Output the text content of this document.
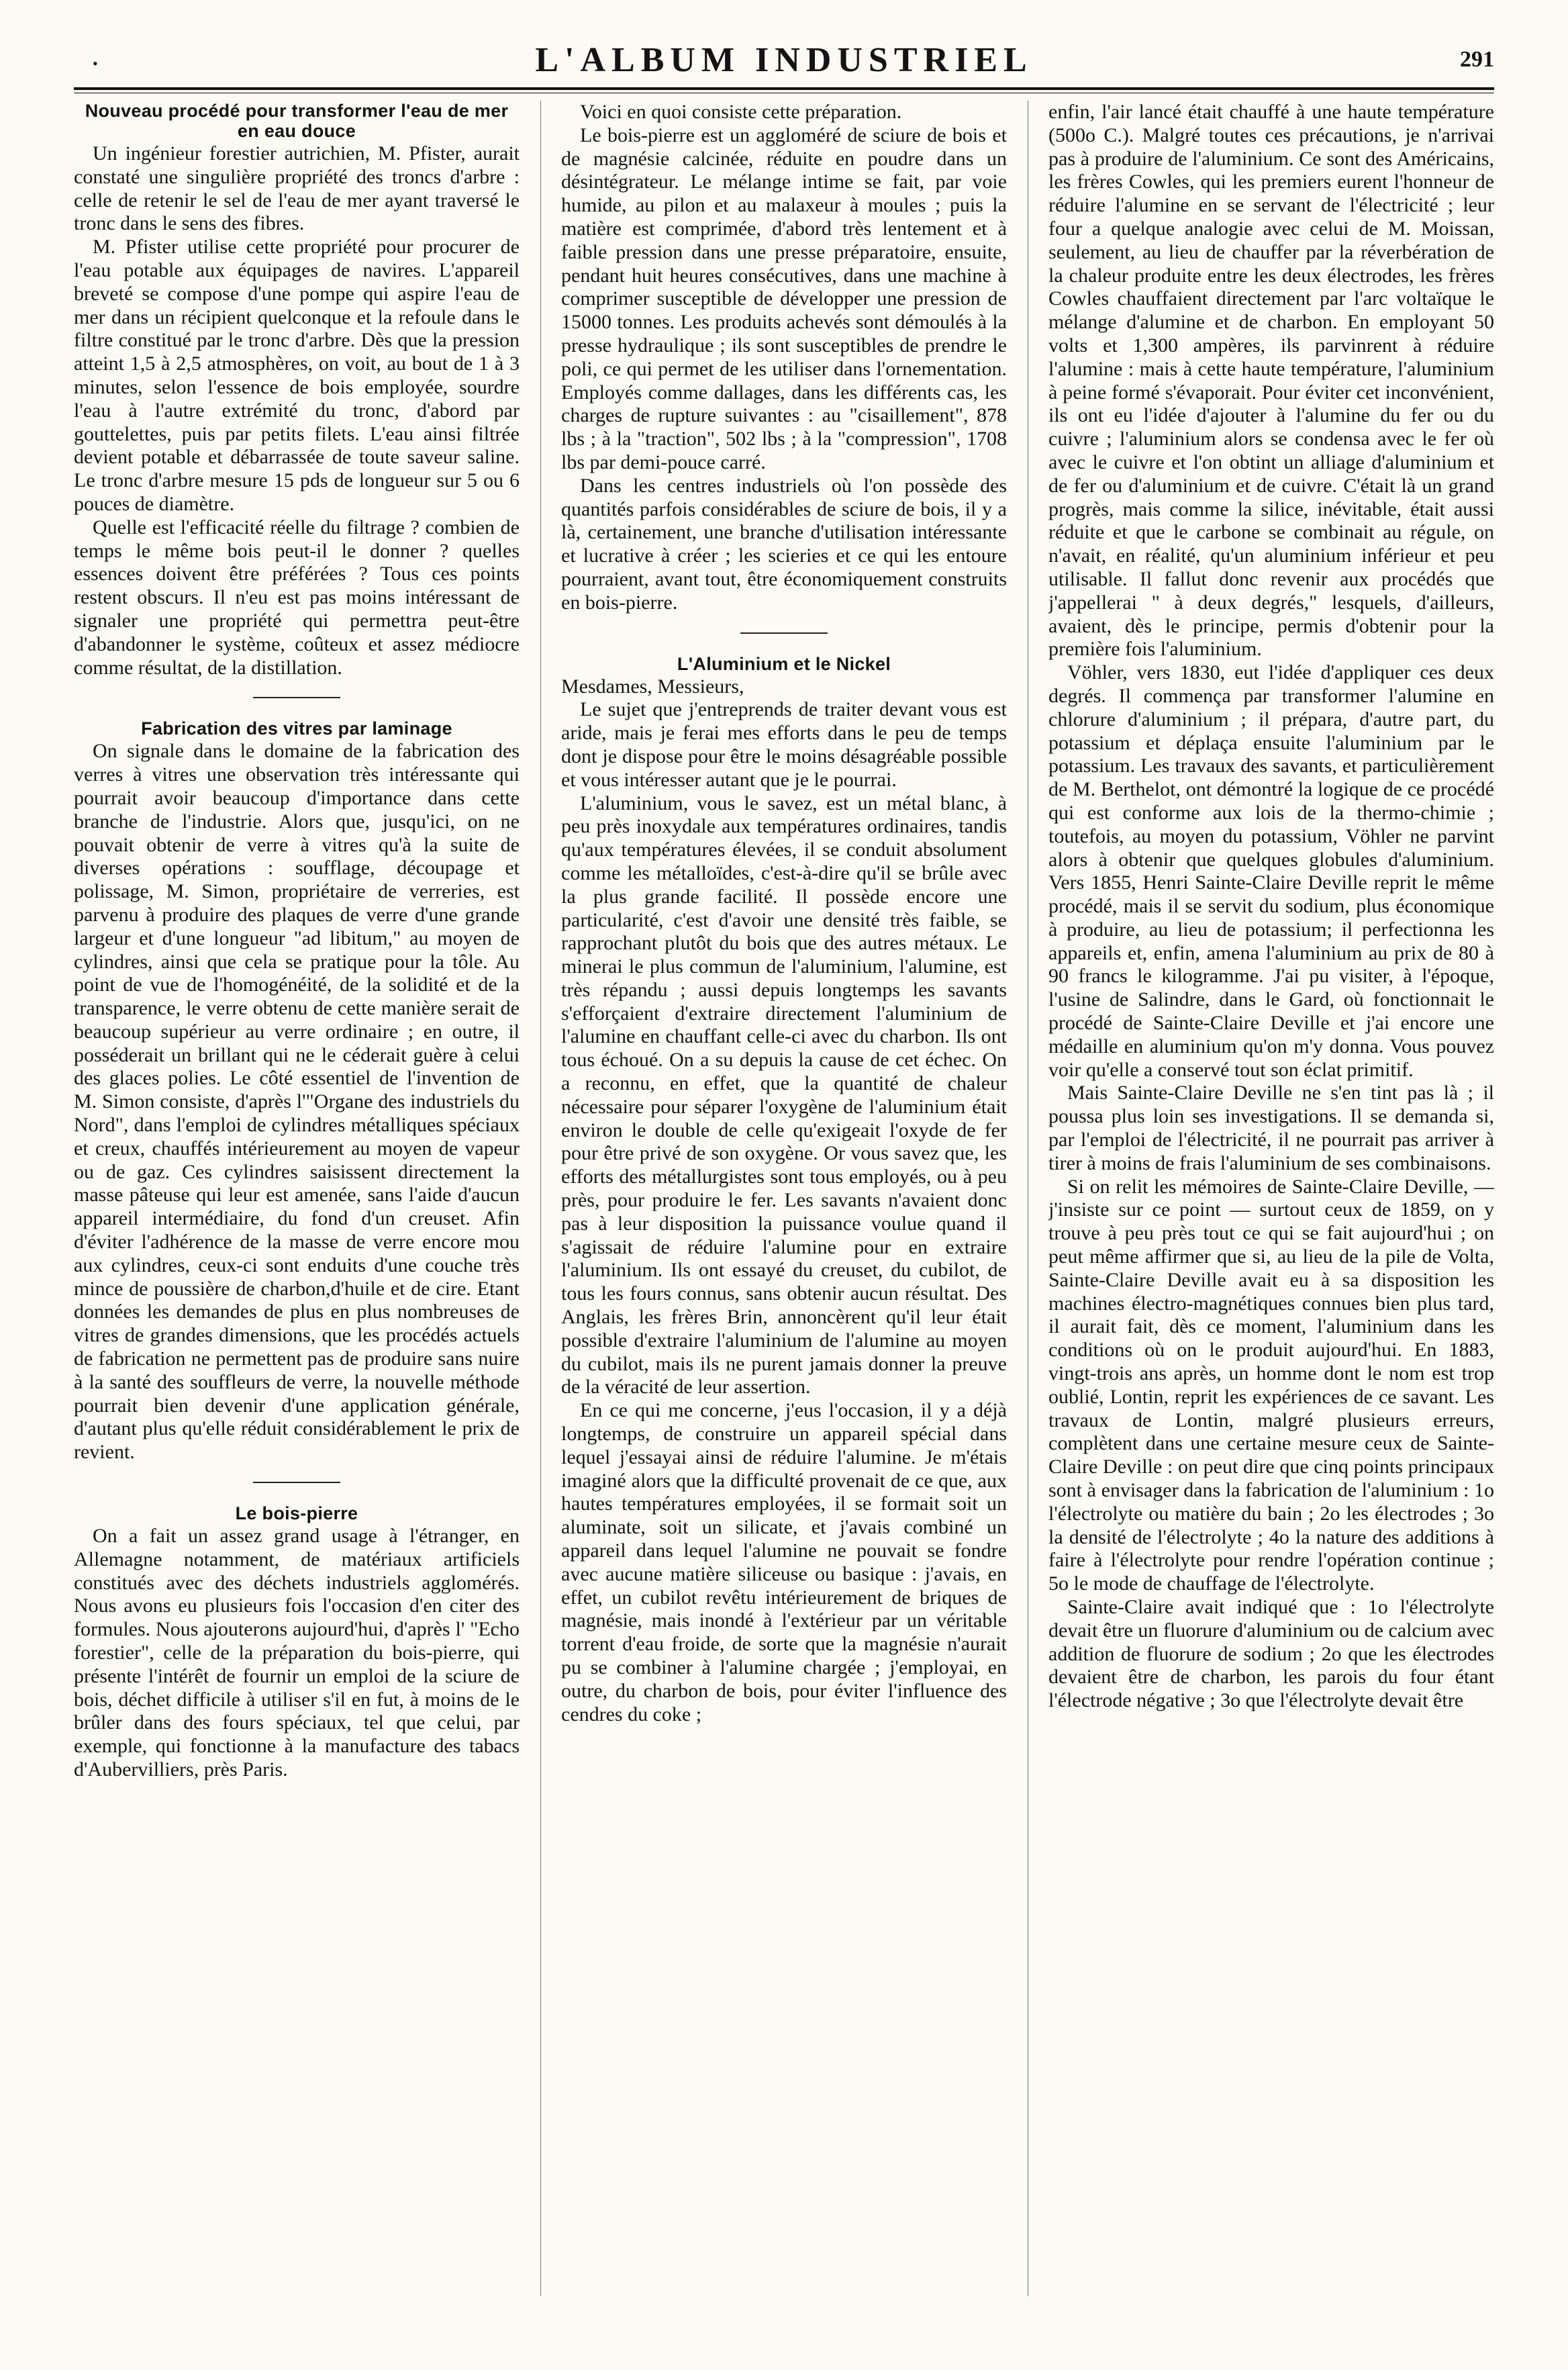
•	L'ALBUM INDUSTRIEL	291
Nouveau procédé pour transformer l'eau de mer en eau douce

Un ingénieur forestier autrichien, M. Pfister, aurait constaté une singulière propriété des troncs d'arbre : celle de retenir le sel de l'eau de mer ayant traversé le tronc dans le sens des fibres.

M. Pfister utilise cette propriété pour procurer de l'eau potable aux équipages de navires. L'appareil breveté se compose d'une pompe qui aspire l'eau de mer dans un récipient quelconque et la refoule dans le filtre constitué par le tronc d'arbre. Dès que la pression atteint 1,5 à 2,5 atmosphères, on voit, au bout de 1 à 3 minutes, selon l'essence de bois employée, sourdre l'eau à l'autre extrémité du tronc, d'abord par gouttelettes, puis par petits filets. L'eau ainsi filtrée devient potable et débarrassée de toute saveur saline. Le tronc d'arbre mesure 15 pds de longueur sur 5 ou 6 pouces de diamètre.

Quelle est l'efficacité réelle du filtrage ? combien de temps le même bois peut-il le donner ? quelles essences doivent être préférées ? Tous ces points restent obscurs. Il n'eu est pas moins intéressant de signaler une propriété qui permettra peut-être d'abandonner le système, coûteux et assez médiocre comme résultat, de la distillation.

Fabrication des vitres par laminage

On signale dans le domaine de la fabrication des verres à vitres une observation très intéressante qui pourrait avoir beaucoup d'importance dans cette branche de l'industrie. Alors que, jusqu'ici, on ne pouvait obtenir de verre à vitres qu'à la suite de diverses opérations : soufflage, découpage et polissage, M. Simon, propriétaire de verreries, est parvenu à produire des plaques de verre d'une grande largeur et d'une longueur "ad libitum," au moyen de cylindres, ainsi que cela se pratique pour la tôle. Au point de vue de l'homogénéité, de la solidité et de la transparence, le verre obtenu de cette manière serait de beaucoup supérieur au verre ordinaire ; en outre, il posséderait un brillant qui ne le céderait guère à celui des glaces polies. Le côté essentiel de l'invention de M. Simon consiste, d'après l'"Organe des industriels du Nord", dans l'emploi de cylindres métalliques spéciaux et creux, chauffés intérieurement au moyen de vapeur ou de gaz. Ces cylindres saisissent directement la masse pâteuse qui leur est amenée, sans l'aide d'aucun appareil intermédiaire, du fond d'un creuset. Afin d'éviter l'adhérence de la masse de verre encore mou aux cylindres, ceux-ci sont enduits d'une couche très mince de poussière de charbon,d'huile et de cire. Etant données les demandes de plus en plus nombreuses de vitres de grandes dimensions, que les procédés actuels de fabrication ne permettent pas de produire sans nuire à la santé des souffleurs de verre, la nouvelle méthode pourrait bien devenir d'une application générale, d'autant plus qu'elle réduit considérablement le prix de revient.

Le bois-pierre

On a fait un assez grand usage à l'étranger, en Allemagne notamment, de matériaux artificiels constitués avec des déchets industriels agglomérés. Nous avons eu plusieurs fois l'occasion d'en citer des formules. Nous ajouterons aujourd'hui, d'après l' "Echo forestier", celle de la préparation du bois-pierre, qui présente l'intérêt de fournir un emploi de la sciure de bois, déchet difficile à utiliser s'il en fut, à moins de le brûler dans des fours spéciaux, tel que celui, par exemple, qui fonctionne à la manufacture des tabacs d'Aubervilliers, près Paris.

Voici en quoi consiste cette préparation.

Le bois-pierre est un aggloméré de sciure de bois et de magnésie calcinée, réduite en poudre dans un désintégrateur. Le mélange intime se fait, par voie humide, au pilon et au malaxeur à moules ; puis la matière est comprimée, d'abord très lentement et à faible pression dans une presse préparatoire, ensuite, pendant huit heures consécutives, dans une machine à comprimer susceptible de développer une pression de 15000 tonnes. Les produits achevés sont démoulés à la presse hydraulique ; ils sont susceptibles de prendre le poli, ce qui permet de les utiliser dans l'ornementation. Employés comme dallages, dans les différents cas, les charges de rupture suivantes : au "cisaillement", 878 lbs ; à la "traction", 502 lbs ; à la "compression", 1708 lbs par demi-pouce carré.

Dans les centres industriels où l'on possède des quantités parfois considérables de sciure de bois, il y a là, certainement, une branche d'utilisation intéressante et lucrative à créer ; les scieries et ce qui les entoure pourraient, avant tout, être économiquement construits en bois-pierre.

L'Aluminium et le Nickel

Mesdames, Messieurs,

Le sujet que j'entreprends de traiter devant vous est aride, mais je ferai mes efforts dans le peu de temps dont je dispose pour être le moins désagréable possible et vous intéresser autant que je le pourrai.

L'aluminium, vous le savez, est un métal blanc, à peu près inoxydale aux températures ordinaires, tandis qu'aux températures élevées, il se conduit absolument comme les métalloïdes, c'est-à-dire qu'il se brûle avec la plus grande facilité. Il possède encore une particularité, c'est d'avoir une densité très faible, se rapprochant plutôt du bois que des autres métaux. Le minerai le plus commun de l'aluminium, l'alumine, est très répandu ; aussi depuis longtemps les savants s'efforçaient d'extraire directement l'aluminium de l'alumine en chauffant celle-ci avec du charbon. Ils ont tous échoué. On a su depuis la cause de cet échec. On a reconnu, en effet, que la quantité de chaleur nécessaire pour séparer l'oxygène de l'aluminium était environ le double de celle qu'exigeait l'oxyde de fer pour être privé de son oxygène. Or vous savez que, les efforts des métallurgistes sont tous employés, ou à peu près, pour produire le fer. Les savants n'avaient donc pas à leur disposition la puissance voulue quand il s'agissait de réduire l'alumine pour en extraire l'aluminium. Ils ont essayé du creuset, du cubilot, de tous les fours connus, sans obtenir aucun résultat. Des Anglais, les frères Brin, annoncèrent qu'il leur était possible d'extraire l'aluminium de l'alumine au moyen du cubilot, mais ils ne purent jamais donner la preuve de la véracité de leur assertion.

En ce qui me concerne, j'eus l'occasion, il y a déjà longtemps, de construire un appareil spécial dans lequel j'essayai ainsi de réduire l'alumine. Je m'étais imaginé alors que la difficulté provenait de ce que, aux hautes températures employées, il se formait soit un aluminate, soit un silicate, et j'avais combiné un appareil dans lequel l'alumine ne pouvait se fondre avec aucune matière siliceuse ou basique : j'avais, en effet, un cubilot revêtu intérieurement de briques de magnésie, mais inondé à l'extérieur par un véritable torrent d'eau froide, de sorte que la magnésie n'aurait pu se combiner à l'alumine chargée ; j'employai, en outre, du charbon de bois, pour éviter l'influence des cendres du coke ;

enfin, l'air lancé était chauffé à une haute température (500o C.). Malgré toutes ces précautions, je n'arrivai pas à produire de l'aluminium. Ce sont des Américains, les frères Cowles, qui les premiers eurent l'honneur de réduire l'alumine en se servant de l'électricité ; leur four a quelque analogie avec celui de M. Moissan, seulement, au lieu de chauffer par la réverbération de la chaleur produite entre les deux électrodes, les frères Cowles chauffaient directement par l'arc voltaïque le mélange d'alumine et de charbon. En employant 50 volts et 1,300 ampères, ils parvinrent à réduire l'alumine : mais à cette haute température, l'aluminium à peine formé s'évaporait. Pour éviter cet inconvénient, ils ont eu l'idée d'ajouter à l'alumine du fer ou du cuivre ; l'aluminium alors se condensa avec le fer où avec le cuivre et l'on obtint un alliage d'aluminium et de fer ou d'aluminium et de cuivre. C'était là un grand progrès, mais comme la silice, inévitable, était aussi réduite et que le carbone se combinait au régule, on n'avait, en réalité, qu'un aluminium inférieur et peu utilisable. Il fallut donc revenir aux procédés que j'appellerai " à deux degrés," lesquels, d'ailleurs, avaient, dès le principe, permis d'obtenir pour la première fois l'aluminium.

Vöhler, vers 1830, eut l'idée d'appliquer ces deux degrés. Il commença par transformer l'alumine en chlorure d'aluminium ; il prépara, d'autre part, du potassium et déplaça ensuite l'aluminium par le potassium. Les travaux des savants, et particulièrement de M. Berthelot, ont démontré la logique de ce procédé qui est conforme aux lois de la thermo-chimie ; toutefois, au moyen du potassium, Vöhler ne parvint alors à obtenir que quelques globules d'aluminium. Vers 1855, Henri Sainte-Claire Deville reprit le même procédé, mais il se servit du sodium, plus économique à produire, au lieu de potassium; il perfectionna les appareils et, enfin, amena l'aluminium au prix de 80 à 90 francs le kilogramme. J'ai pu visiter, à l'époque, l'usine de Salindre, dans le Gard, où fonctionnait le procédé de Sainte-Claire Deville et j'ai encore une médaille en aluminium qu'on m'y donna. Vous pouvez voir qu'elle a conservé tout son éclat primitif.

Mais Sainte-Claire Deville ne s'en tint pas là ; il poussa plus loin ses investigations. Il se demanda si, par l'emploi de l'électricité, il ne pourrait pas arriver à tirer à moins de frais l'aluminium de ses combinaisons.

Si on relit les mémoires de Sainte-Claire Deville, — j'insiste sur ce point — surtout ceux de 1859, on y trouve à peu près tout ce qui se fait aujourd'hui ; on peut même affirmer que si, au lieu de la pile de Volta, Sainte-Claire Deville avait eu à sa disposition les machines électro-magnétiques connues bien plus tard, il aurait fait, dès ce moment, l'aluminium dans les conditions où on le produit aujourd'hui. En 1883, vingt-trois ans après, un homme dont le nom est trop oublié, Lontin, reprit les expériences de ce savant. Les travaux de Lontin, malgré plusieurs erreurs, complètent dans une certaine mesure ceux de Sainte-Claire Deville : on peut dire que cinq points principaux sont à envisager dans la fabrication de l'aluminium : 1o l'électrolyte ou matière du bain ; 2o les électrodes ; 3o la densité de l'électrolyte ; 4o la nature des additions à faire à l'électrolyte pour rendre l'opération continue ; 5o le mode de chauffage de l'électrolyte.

Sainte-Claire avait indiqué que : 1o l'électrolyte devait être un fluorure d'aluminium ou de calcium avec addition de fluorure de sodium ; 2o que les électrodes devaient être de charbon, les parois du four étant l'électrode négative ; 3o que l'électrolyte devait être
